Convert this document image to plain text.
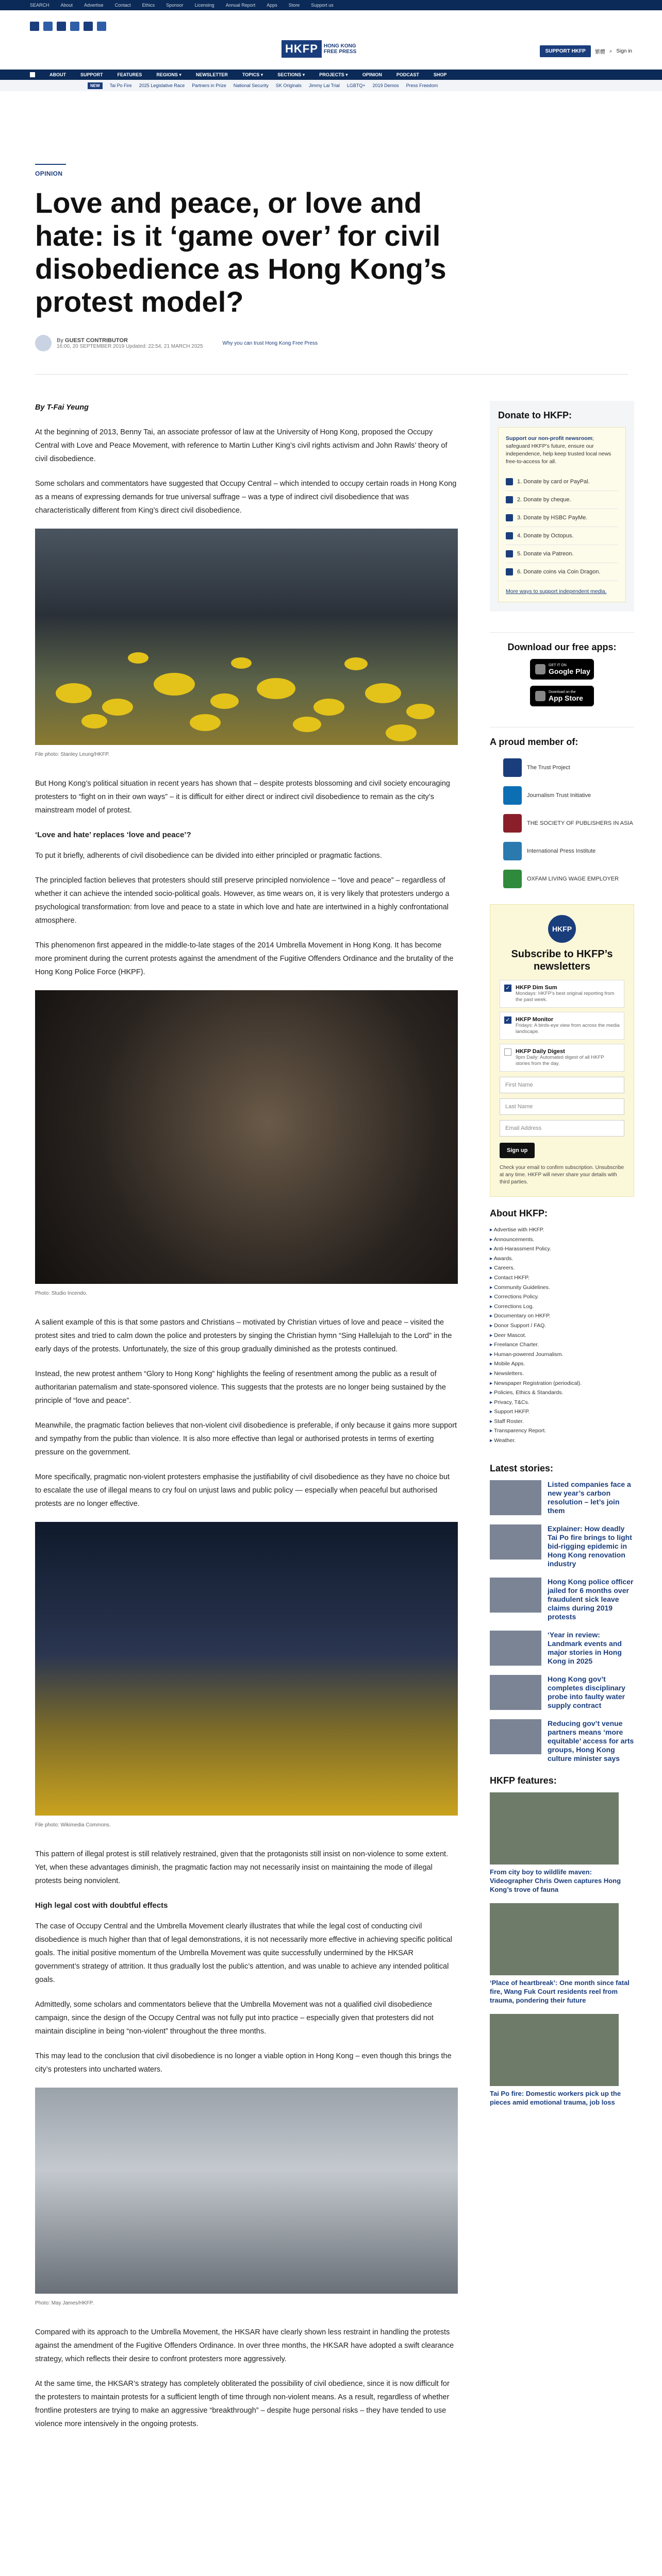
SEARCH About Advertise Contact Ethics Sponsor Licensing Annual Report Apps Store Support us
HKFP	HONG KONG FREE PRESS	SUPPORT HKFP	繁體 ⌕ Sign in
ABOUT	SUPPORT	FEATURES	REGIONS ▾	NEWSLETTER	TOPICS ▾	SECTIONS ▾	PROJECTS ▾	OPINION	PODCAST	SHOP
NEW	Tai Po Fire 2025 Legislative Race Partners in Prize National Security SK Originals Jimmy Lai Trial LGBTQ+ 2019 Demos Press Freedom
OPINION
Love and peace, or love and hate: is it ‘game over’ for civil disobedience as Hong Kong’s protest model?
By GUEST CONTRIBUTOR
16:00, 20 SEPTEMBER 2019 Updated: 22:54, 21 MARCH 2025
Why you can trust Hong Kong Free Press

By T-Fai Yeung

At the beginning of 2013, Benny Tai, an associate professor of law at the University of Hong Kong, proposed the Occupy Central with Love and Peace Movement, with reference to Martin Luther King’s civil rights activism and John Rawls’ theory of civil disobedience.

Some scholars and commentators have suggested that Occupy Central – which intended to occupy certain roads in Hong Kong as a means of expressing demands for true universal suffrage – was a type of indirect civil disobedience that was characteristically different from King’s direct civil disobedience.

File photo: Stanley Leung/HKFP.

But Hong Kong’s political situation in recent years has shown that – despite protests blossoming and civil society encouraging protesters to “fight on in their own ways” – it is difficult for either direct or indirect civil disobedience to remain as the city’s mainstream model of protest.

‘Love and hate’ replaces ‘love and peace’?

To put it briefly, adherents of civil disobedience can be divided into either principled or pragmatic factions.

The principled faction believes that protesters should still preserve principled nonviolence – “love and peace” – regardless of whether it can achieve the intended socio-political goals. However, as time wears on, it is very likely that protesters undergo a psychological transformation: from love and peace to a state in which love and hate are intertwined in a highly confrontational atmosphere.

This phenomenon first appeared in the middle-to-late stages of the 2014 Umbrella Movement in Hong Kong. It has become more prominent during the current protests against the amendment of the Fugitive Offenders Ordinance and the brutality of the Hong Kong Police Force (HKPF).

Photo: Studio Incendo.

A salient example of this is that some pastors and Christians – motivated by Christian virtues of love and peace – visited the protest sites and tried to calm down the police and protesters by singing the Christian hymn “Sing Hallelujah to the Lord” in the early days of the protests. Unfortunately, the size of this group gradually diminished as the protests continued.

Instead, the new protest anthem “Glory to Hong Kong” highlights the feeling of resentment among the public as a result of authoritarian paternalism and state-sponsored violence. This suggests that the protests are no longer being sustained by the principle of “love and peace”.

Meanwhile, the pragmatic faction believes that non-violent civil disobedience is preferable, if only because it gains more support and sympathy from the public than violence. It is also more effective than legal or authorised protests in terms of exerting pressure on the government.

More specifically, pragmatic non-violent protesters emphasise the justifiability of civil disobedience as they have no choice but to escalate the use of illegal means to cry foul on unjust laws and public policy — especially when peaceful but authorised protests are no longer effective.

File photo: Wikimedia Commons.

This pattern of illegal protest is still relatively restrained, given that the protagonists still insist on non-violence to some extent. Yet, when these advantages diminish, the pragmatic faction may not necessarily insist on maintaining the mode of illegal protests being nonviolent.

High legal cost with doubtful effects

The case of Occupy Central and the Umbrella Movement clearly illustrates that while the legal cost of conducting civil disobedience is much higher than that of legal demonstrations, it is not necessarily more effective in achieving specific political goals. The initial positive momentum of the Umbrella Movement was quite successfully undermined by the HKSAR government’s strategy of attrition. It thus gradually lost the public’s attention, and was unable to achieve any intended political goals.

Admittedly, some scholars and commentators believe that the Umbrella Movement was not a qualified civil disobedience campaign, since the design of the Occupy Central was not fully put into practice – especially given that protesters did not maintain discipline in being “non-violent” throughout the three months.

This may lead to the conclusion that civil disobedience is no longer a viable option in Hong Kong – even though this brings the city’s protesters into uncharted waters.

Photo: May James/HKFP.

Compared with its approach to the Umbrella Movement, the HKSAR have clearly shown less restraint in handling the protests against the amendment of the Fugitive Offenders Ordinance. In over three months, the HKSAR have adopted a swift clearance strategy, which reflects their desire to confront protesters more aggressively.

At the same time, the HKSAR’s strategy has completely obliterated the possibility of civil obedience, since it is now difficult for the protesters to maintain protests for a sufficient length of time through non-violent means. As a result, regardless of whether frontline protesters are trying to make an aggressive “breakthrough” – despite huge personal risks – they have tended to use violence more intensively in the ongoing protests.

Donate to HKFP:
Support our non-profit newsroom; safeguard HKFP’s future, ensure our independence, help keep trusted local news free-to-access for all.
1. Donate by card or PayPal.
2. Donate by cheque.
3. Donate by HSBC PayMe.
4. Donate by Octopus.
5. Donate via Patreon.
6. Donate coins via Coin Dragon.
More ways to support independent media.
Download our free apps:
GET IT ON
Google Play
Download on the
App Store
A proud member of:
The Trust Project
Journalism Trust Initiative
THE SOCIETY OF PUBLISHERS IN ASIA
International Press Institute
OXFAM LIVING WAGE EMPLOYER
HKFP
Subscribe to HKFP’s newsletters
✓ HKFP Dim Sum
Mondays: HKFP’s best original reporting from the past week.
✓ HKFP Monitor
Fridays: A birds-eye view from across the media landscape.
HKFP Daily Digest
9pm Daily: Automated digest of all HKFP stories from the day.
First Name
Last Name
Email Address
Sign up
Check your email to confirm subscription. Unsubscribe at any time. HKFP will never share your details with third parties.
About HKFP:
▸ Advertise with HKFP.
▸ Announcements.
▸ Anti-Harassment Policy.
▸ Awards.
▸ Careers.
▸ Contact HKFP.
▸ Community Guidelines.
▸ Corrections Policy.
▸ Corrections Log.
▸ Documentary on HKFP.
▸ Donor Support / FAQ.
▸ Deer Mascot.
▸ Freelance Charter.
▸ Human-powered Journalism.
▸ Mobile Apps.
▸ Newsletters.
▸ Newspaper Registration (periodical).
▸ Policies, Ethics & Standards.
▸ Privacy, T&Cs.
▸ Support HKFP.
▸ Staff Roster.
▸ Transparency Report.
▸ Weather.
Latest stories:
Listed companies face a new year’s carbon resolution – let’s join them
Explainer: How deadly Tai Po fire brings to light bid-rigging epidemic in Hong Kong renovation industry
Hong Kong police officer jailed for 6 months over fraudulent sick leave claims during 2019 protests
‘Year in review: Landmark events and major stories in Hong Kong in 2025
Hong Kong gov’t completes disciplinary probe into faulty water supply contract
Reducing gov’t venue partners means ‘more equitable’ access for arts groups, Hong Kong culture minister says
HKFP features:
From city boy to wildlife maven: Videographer Chris Owen captures Hong Kong’s trove of fauna
‘Place of heartbreak’: One month since fatal fire, Wang Fuk Court residents reel from trauma, pondering their future
Tai Po fire: Domestic workers pick up the pieces amid emotional trauma, job loss
